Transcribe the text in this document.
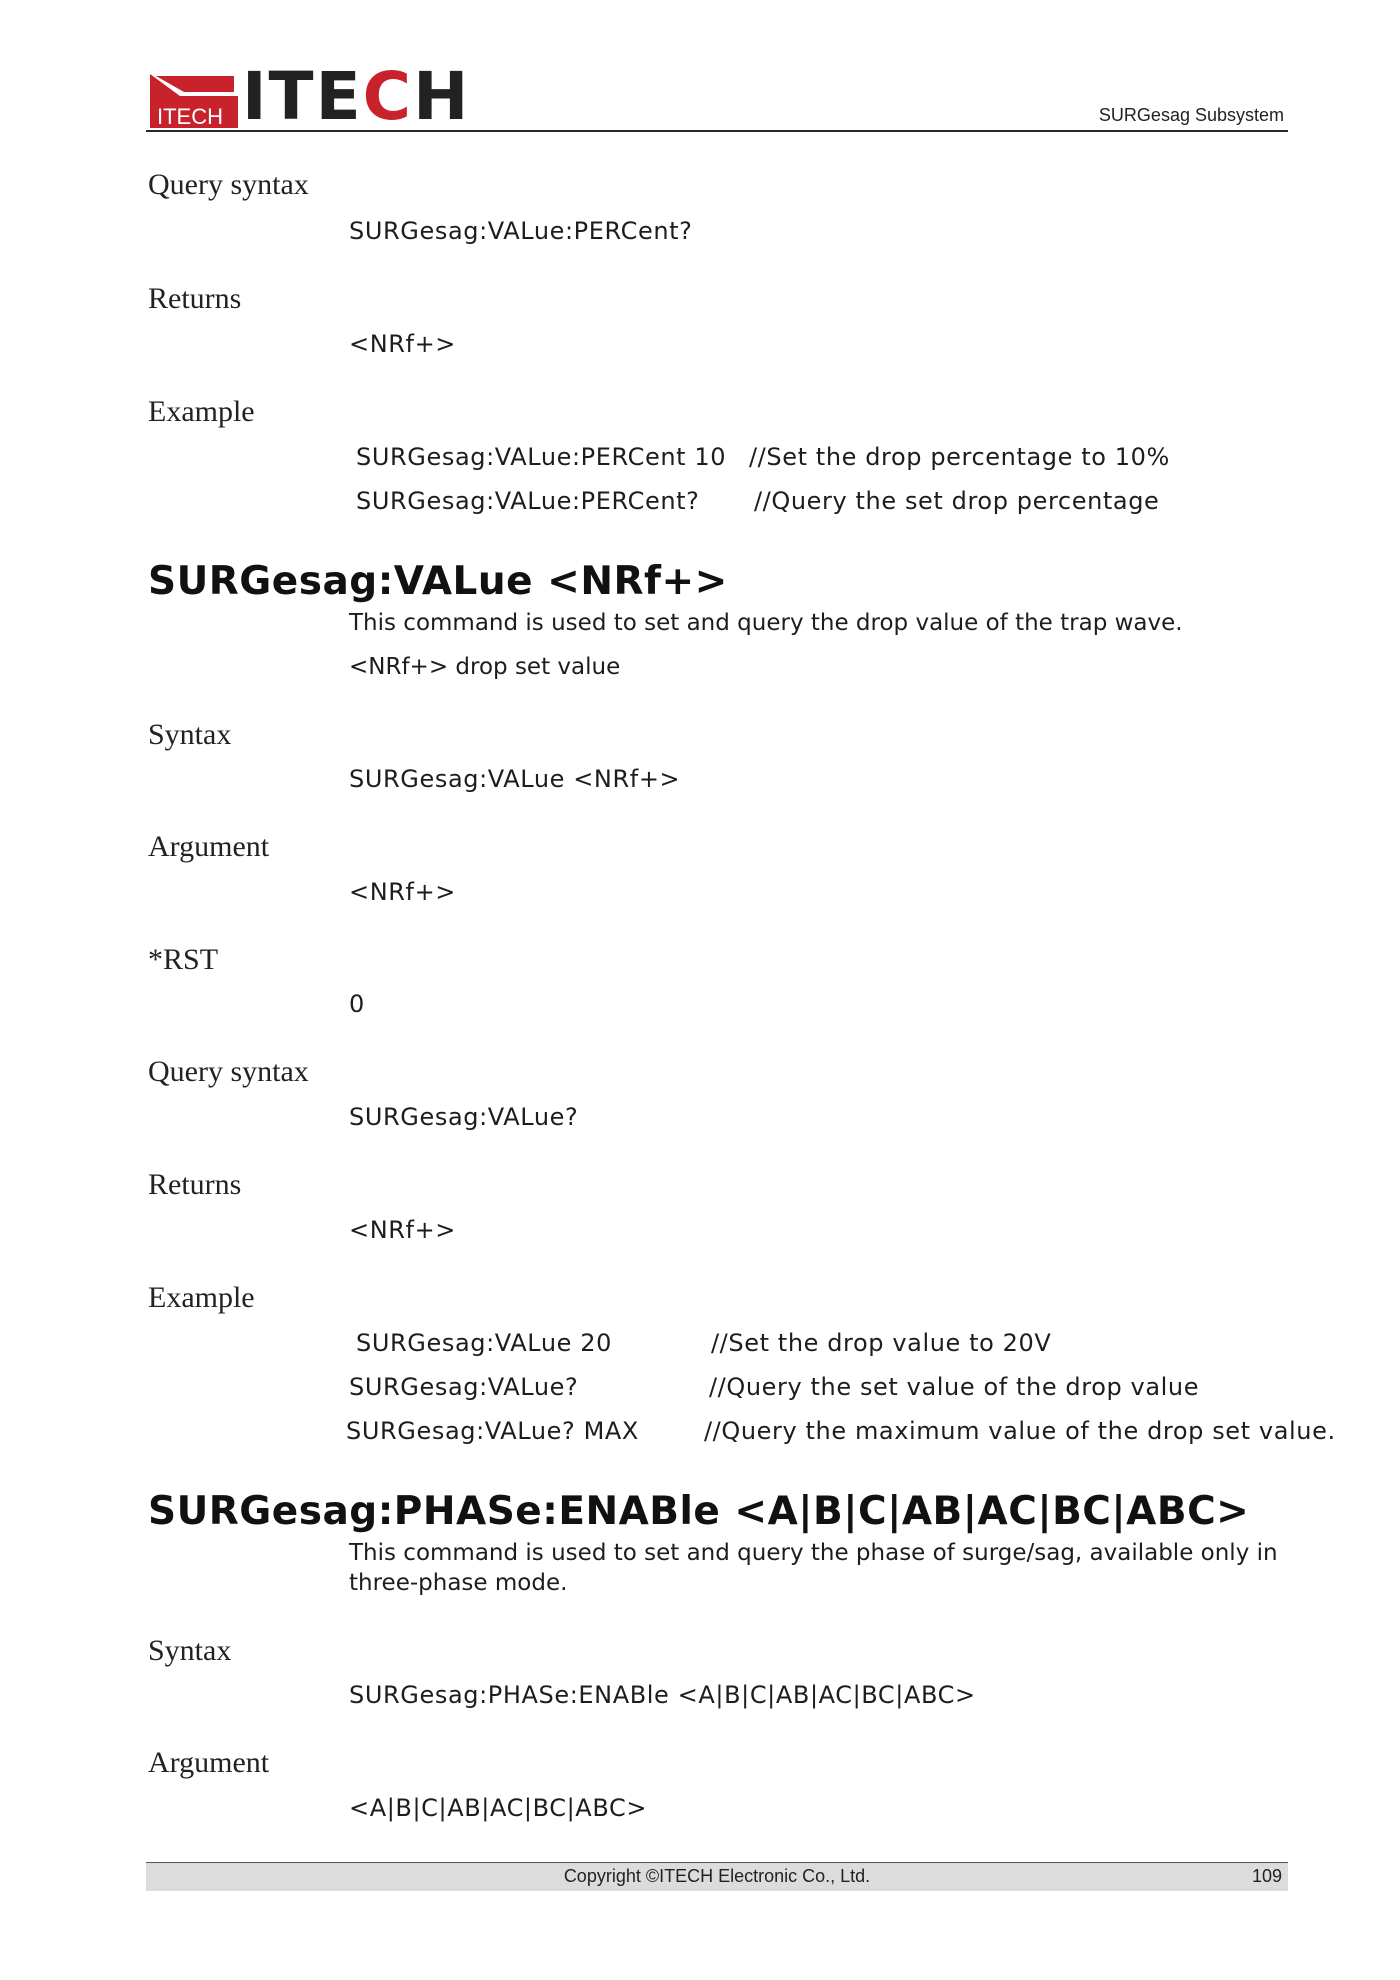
ITECH ITECH	SURGesag Subsystem
Query syntax
SURGesag:VALue:PERCent?
Returns
<NRf+>
Example
SURGesag:VALue:PERCent 10 //Set the drop percentage to 10%
SURGesag:VALue:PERCent? //Query the set drop percentage
SURGesag:VALue <NRf+>
This command is used to set and query the drop value of the trap wave.
<NRf+> drop set value
Syntax
SURGesag:VALue <NRf+>
Argument
<NRf+>
*RST
0
Query syntax
SURGesag:VALue?
Returns
<NRf+>
Example
SURGesag:VALue 20	//Set the drop value to 20V
SURGesag:VALue?	//Query the set value of the drop value
SURGesag:VALue? MAX	//Query the maximum value of the drop set value.
SURGesag:PHASe:ENABle <A|B|C|AB|AC|BC|ABC>
This command is used to set and query the phase of surge/sag, available only in three-phase mode.
Syntax
SURGesag:PHASe:ENABle <A|B|C|AB|AC|BC|ABC>
Argument
<A|B|C|AB|AC|BC|ABC>
Copyright ©ITECH Electronic Co., Ltd.	109
